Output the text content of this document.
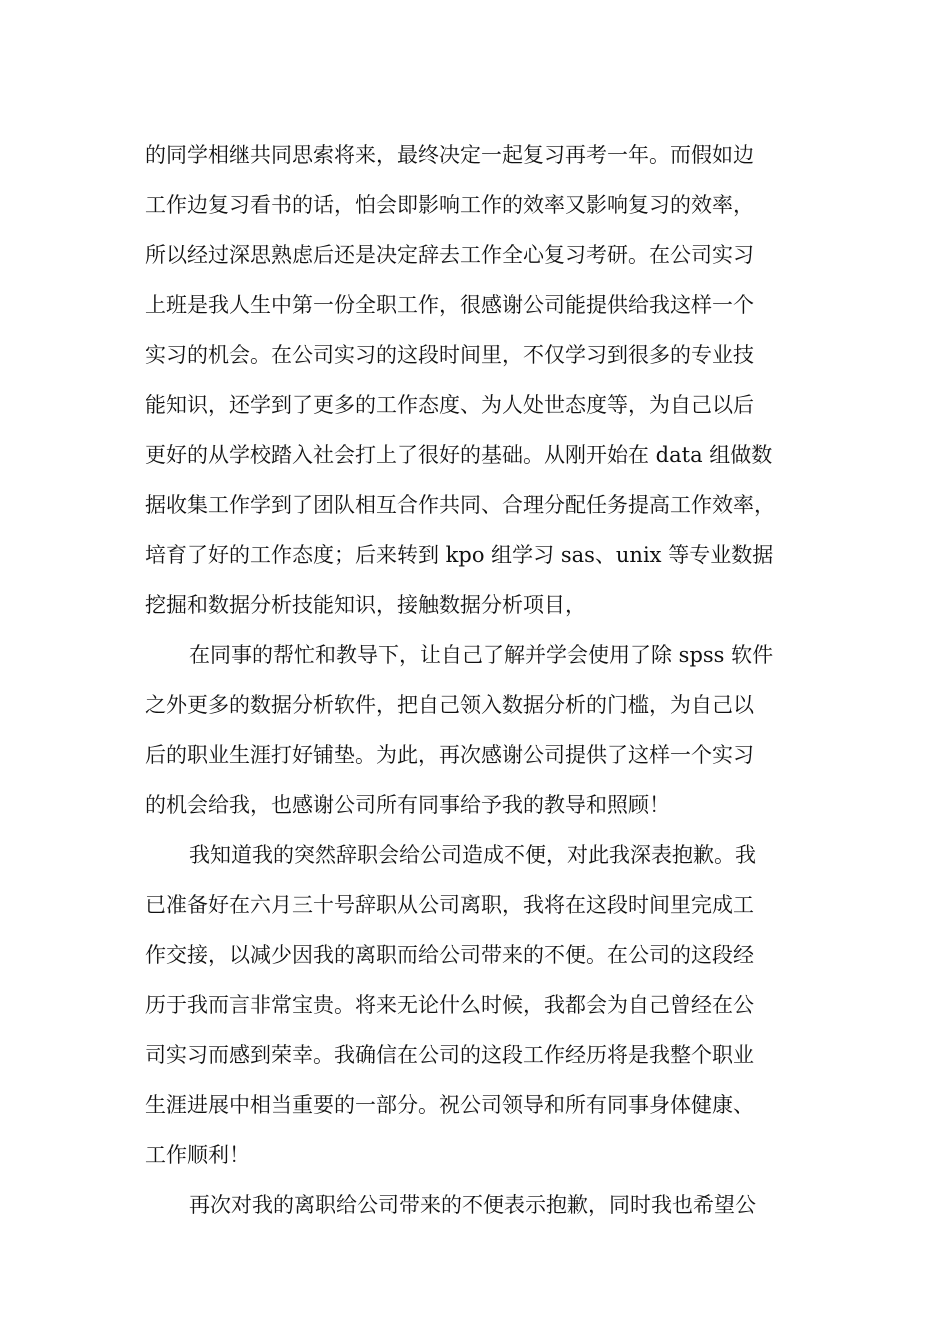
的同学相继共同思索将来，最终决定一起复习再考一年。而假如边
工作边复习看书的话，怕会即影响工作的效率又影响复习的效率，
所以经过深思熟虑后还是决定辞去工作全心复习考研。在公司实习
上班是我人生中第一份全职工作，很感谢公司能提供给我这样一个
实习的机会。在公司实习的这段时间里，不仅学习到很多的专业技
能知识，还学到了更多的工作态度、为人处世态度等，为自己以后
更好的从学校踏入社会打上了很好的基础。从刚开始在 data 组做数
据收集工作学到了团队相互合作共同、合理分配任务提高工作效率，
培育了好的工作态度；后来转到 kpo 组学习 sas、unix 等专业数据
挖掘和数据分析技能知识，接触数据分析项目，
在同事的帮忙和教导下，让自己了解并学会使用了除 spss 软件
之外更多的数据分析软件，把自己领入数据分析的门槛，为自己以
后的职业生涯打好铺垫。为此，再次感谢公司提供了这样一个实习
的机会给我，也感谢公司所有同事给予我的教导和照顾！
我知道我的突然辞职会给公司造成不便，对此我深表抱歉。我
已准备好在六月三十号辞职从公司离职，我将在这段时间里完成工
作交接，以减少因我的离职而给公司带来的不便。在公司的这段经
历于我而言非常宝贵。将来无论什么时候，我都会为自己曾经在公
司实习而感到荣幸。我确信在公司的这段工作经历将是我整个职业
生涯进展中相当重要的一部分。祝公司领导和所有同事身体健康、
工作顺利！
再次对我的离职给公司带来的不便表示抱歉，同时我也希望公
